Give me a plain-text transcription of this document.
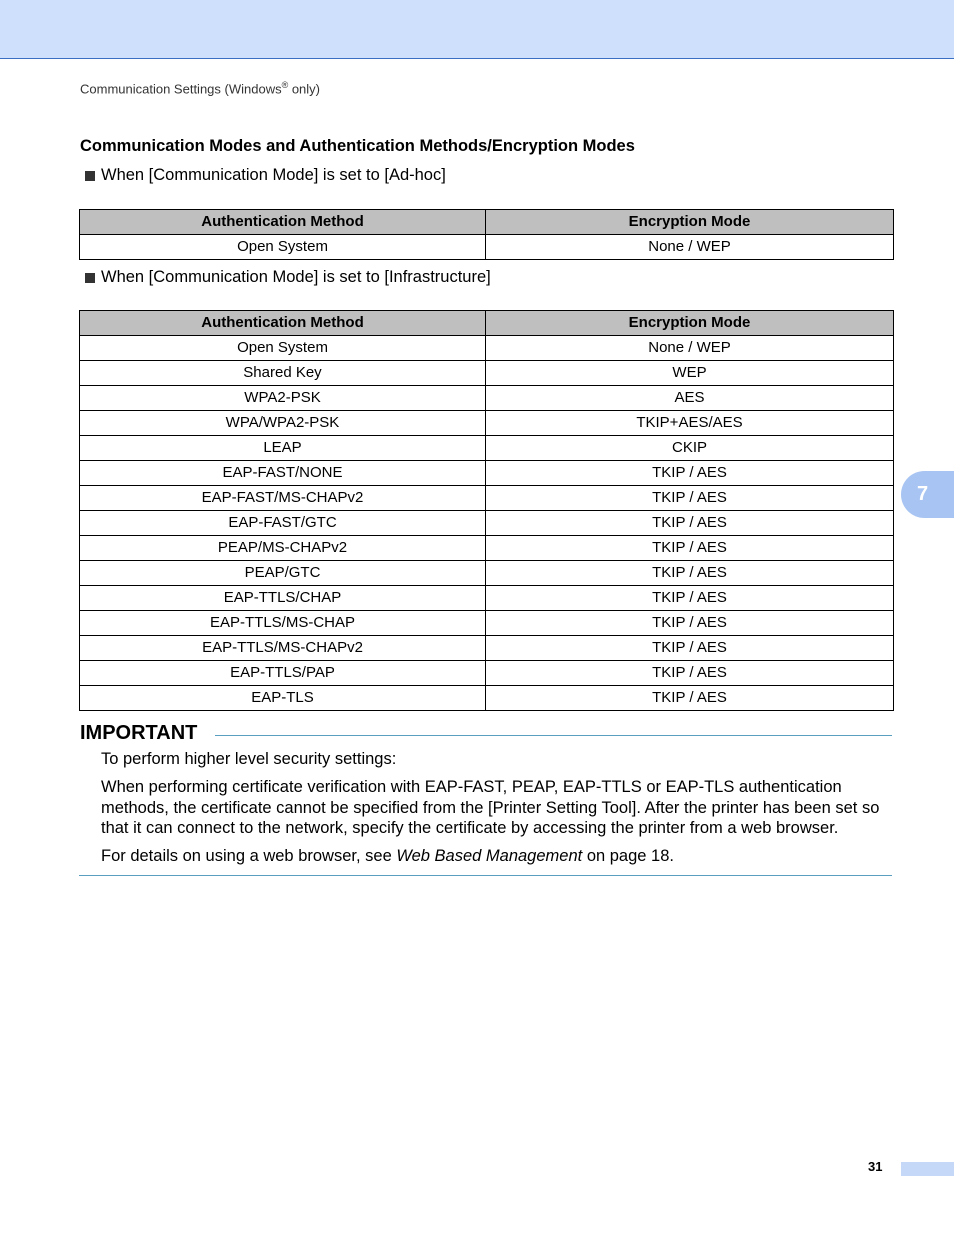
Communication Settings (Windows® only)
Communication Modes and Authentication Methods/Encryption Modes
When [Communication Mode] is set to [Ad-hoc]
Authentication Method	Encryption Mode
Open System	None / WEP
When [Communication Mode] is set to [Infrastructure]
Authentication Method	Encryption Mode
Open System	None / WEP
Shared Key	WEP
WPA2-PSK	AES
WPA/WPA2-PSK	TKIP+AES/AES
LEAP	CKIP
EAP-FAST/NONE	TKIP / AES
EAP-FAST/MS-CHAPv2	TKIP / AES
EAP-FAST/GTC	TKIP / AES
PEAP/MS-CHAPv2	TKIP / AES
PEAP/GTC	TKIP / AES
EAP-TTLS/CHAP	TKIP / AES
EAP-TTLS/MS-CHAP	TKIP / AES
EAP-TTLS/MS-CHAPv2	TKIP / AES
EAP-TTLS/PAP	TKIP / AES
EAP-TLS	TKIP / AES
IMPORTANT
To perform higher level security settings:
When performing certificate verification with EAP-FAST, PEAP, EAP-TTLS or EAP-TLS authentication methods, the certificate cannot be specified from the [Printer Setting Tool]. After the printer has been set so that it can connect to the network, specify the certificate by accessing the printer from a web browser.
For details on using a web browser, see Web Based Management on page 18.
7
31
